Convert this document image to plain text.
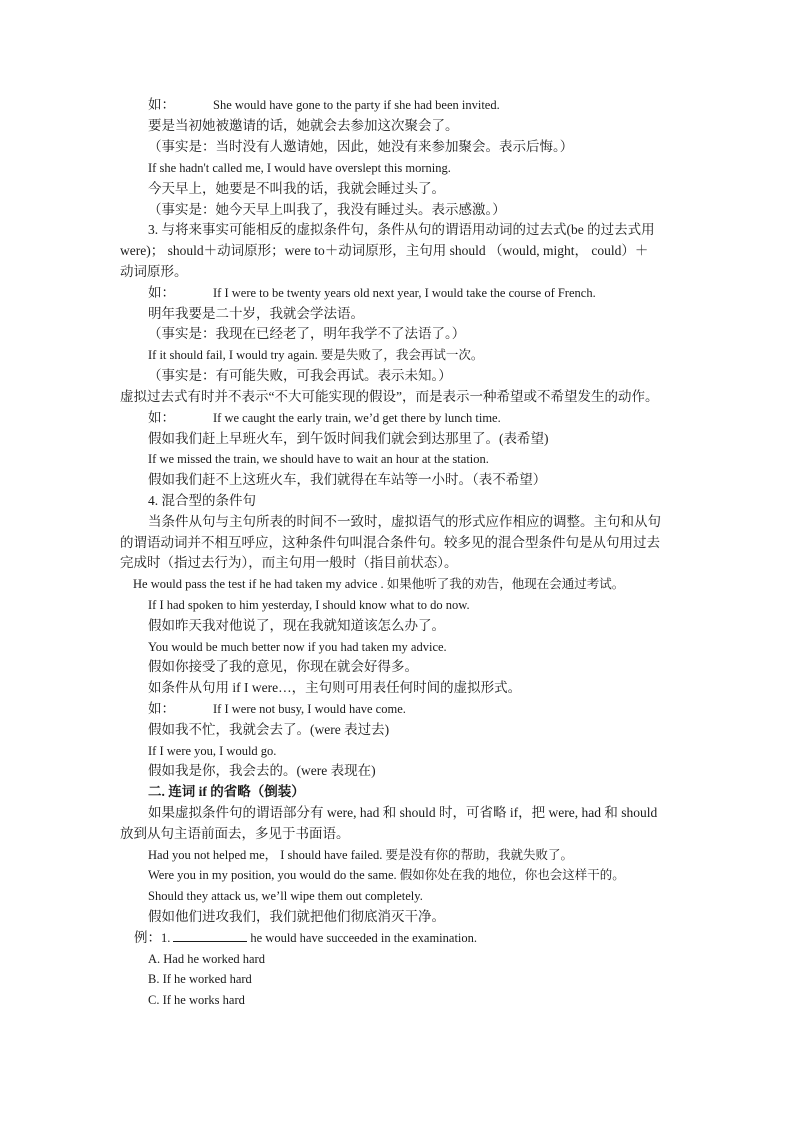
如：	She would have gone to the party if she had been invited.
要是当初她被邀请的话，她就会去参加这次聚会了。
（事实是：当时没有人邀请她，因此，她没有来参加聚会。表示后悔。）
If she hadn't called me, I would have overslept this morning.
今天早上，她要是不叫我的话，我就会睡过头了。
（事实是：她今天早上叫我了，我没有睡过头。表示感激。）
3. 与将来事实可能相反的虚拟条件句，条件从句的谓语用动词的过去式(be 的过去式用
were)； should＋动词原形；were to＋动词原形，主句用 should （would, might， could）＋
动词原形。
如：	If I were to be twenty years old next year, I would take the course of French.
明年我要是二十岁，我就会学法语。
（事实是：我现在已经老了，明年我学不了法语了。）
If it should fail, I would try again. 要是失败了，我会再试一次。
（事实是：有可能失败，可我会再试。表示未知。）
虚拟过去式有时并不表示“不大可能实现的假设”，而是表示一种希望或不希望发生的动作。
如：	If we caught the early train, we’d get there by lunch time.
假如我们赶上早班火车，到午饭时间我们就会到达那里了。(表希望)
If we missed the train, we should have to wait an hour at the station.
假如我们赶不上这班火车，我们就得在车站等一小时。（表不希望）
4. 混合型的条件句
当条件从句与主句所表的时间不一致时，虚拟语气的形式应作相应的调整。主句和从句
的谓语动词并不相互呼应，这种条件句叫混合条件句。较多见的混合型条件句是从句用过去
完成时（指过去行为），而主句用一般时（指目前状态）。
He would pass the test if he had taken my advice . 如果他听了我的劝告，他现在会通过考试。
If I had spoken to him yesterday, I should know what to do now.
假如昨天我对他说了，现在我就知道该怎么办了。
You would be much better now if you had taken my advice.
假如你接受了我的意见，你现在就会好得多。
如条件从句用 if I were…，主句则可用表任何时间的虚拟形式。
如：	If I were not busy, I would have come.
假如我不忙，我就会去了。(were 表过去)
If I were you, I would go.
假如我是你，我会去的。(were 表现在)
二. 连词 if 的省略（倒装）
如果虚拟条件句的谓语部分有 were, had 和 should 时，可省略 if，把 were, had 和 should
放到从句主语前面去，多见于书面语。
Had you not helped me， I should have failed. 要是没有你的帮助，我就失败了。
Were you in my position, you would do the same. 假如你处在我的地位，你也会这样干的。
Should they attack us, we’ll wipe them out completely.
假如他们进攻我们，我们就把他们彻底消灭干净。
例：1.	he would have succeeded in the examination.
A. Had he worked hard
B. If he worked hard
C. If he works hard
